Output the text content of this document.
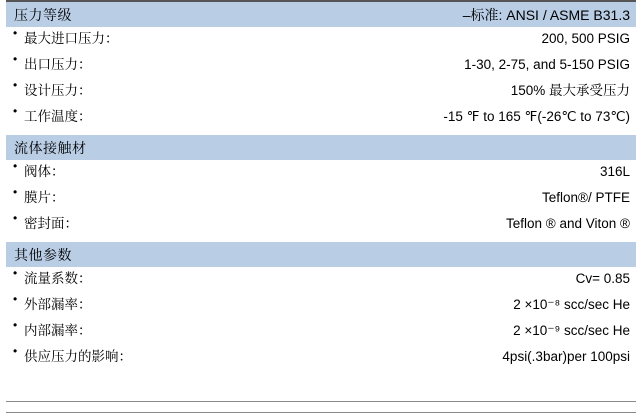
压力等级	–标准: ANSI / ASME B31.3
• 最大进口压力：	200, 500 PSIG
• 出口压力：	1-30, 2-75, and 5-150 PSIG
• 设计压力：	150% 最大承受压力
• 工作温度：	-15 ℉ to 165 ℉(-26℃ to 73℃)
流体接触材
• 阀体：	316L
• 膜片：	Teflon®/ PTFE
• 密封面：	Teflon ® and Viton ®
其他参数
• 流量系数：	Cv= 0.85
• 外部漏率：	2 ×10⁻⁸ scc/sec He
• 内部漏率：	2 ×10⁻⁹ scc/sec He
• 供应压力的影响：	4psi(.3bar)per 100psi
